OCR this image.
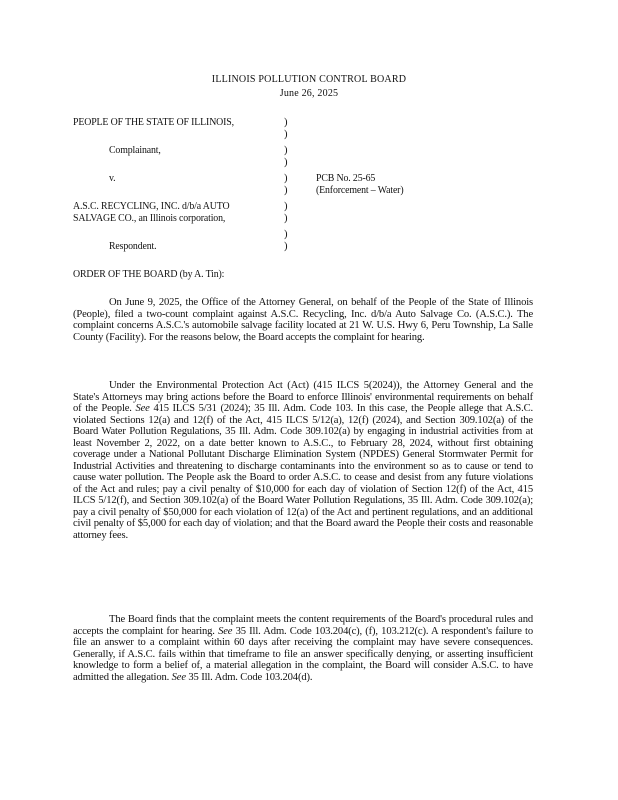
ILLINOIS POLLUTION CONTROL BOARD
June 26, 2025
PEOPLE OF THE STATE OF ILLINOIS,
Complainant,
v.
A.S.C. RECYCLING, INC. d/b/a AUTO
SALVAGE CO., an Illinois corporation,
Respondent.
)
)
)
)
)
)
)
)
)
)
PCB No. 25-65
(Enforcement – Water)
ORDER OF THE BOARD (by A. Tin):
On June 9, 2025, the Office of the Attorney General, on behalf of the People of the State of Illinois (People), filed a two-count complaint against A.S.C. Recycling, Inc. d/b/a Auto Salvage Co. (A.S.C.). The complaint concerns A.S.C.'s automobile salvage facility located at 21 W. U.S. Hwy 6, Peru Township, La Salle County (Facility). For the reasons below, the Board accepts the complaint for hearing.
Under the Environmental Protection Act (Act) (415 ILCS 5(2024)), the Attorney General and the State's Attorneys may bring actions before the Board to enforce Illinois' environmental requirements on behalf of the People. See 415 ILCS 5/31 (2024); 35 Ill. Adm. Code 103. In this case, the People allege that A.S.C. violated Sections 12(a) and 12(f) of the Act, 415 ILCS 5/12(a), 12(f) (2024), and Section 309.102(a) of the Board Water Pollution Regulations, 35 Ill. Adm. Code 309.102(a) by engaging in industrial activities from at least November 2, 2022, on a date better known to A.S.C., to February 28, 2024, without first obtaining coverage under a National Pollutant Discharge Elimination System (NPDES) General Stormwater Permit for Industrial Activities and threatening to discharge contaminants into the environment so as to cause or tend to cause water pollution. The People ask the Board to order A.S.C. to cease and desist from any future violations of the Act and rules; pay a civil penalty of $10,000 for each day of violation of Section 12(f) of the Act, 415 ILCS 5/12(f), and Section 309.102(a) of the Board Water Pollution Regulations, 35 Ill. Adm. Code 309.102(a); pay a civil penalty of $50,000 for each violation of 12(a) of the Act and pertinent regulations, and an additional civil penalty of $5,000 for each day of violation; and that the Board award the People their costs and reasonable attorney fees.
The Board finds that the complaint meets the content requirements of the Board's procedural rules and accepts the complaint for hearing. See 35 Ill. Adm. Code 103.204(c), (f), 103.212(c). A respondent's failure to file an answer to a complaint within 60 days after receiving the complaint may have severe consequences. Generally, if A.S.C. fails within that timeframe to file an answer specifically denying, or asserting insufficient knowledge to form a belief of, a material allegation in the complaint, the Board will consider A.S.C. to have admitted the allegation. See 35 Ill. Adm. Code 103.204(d).
